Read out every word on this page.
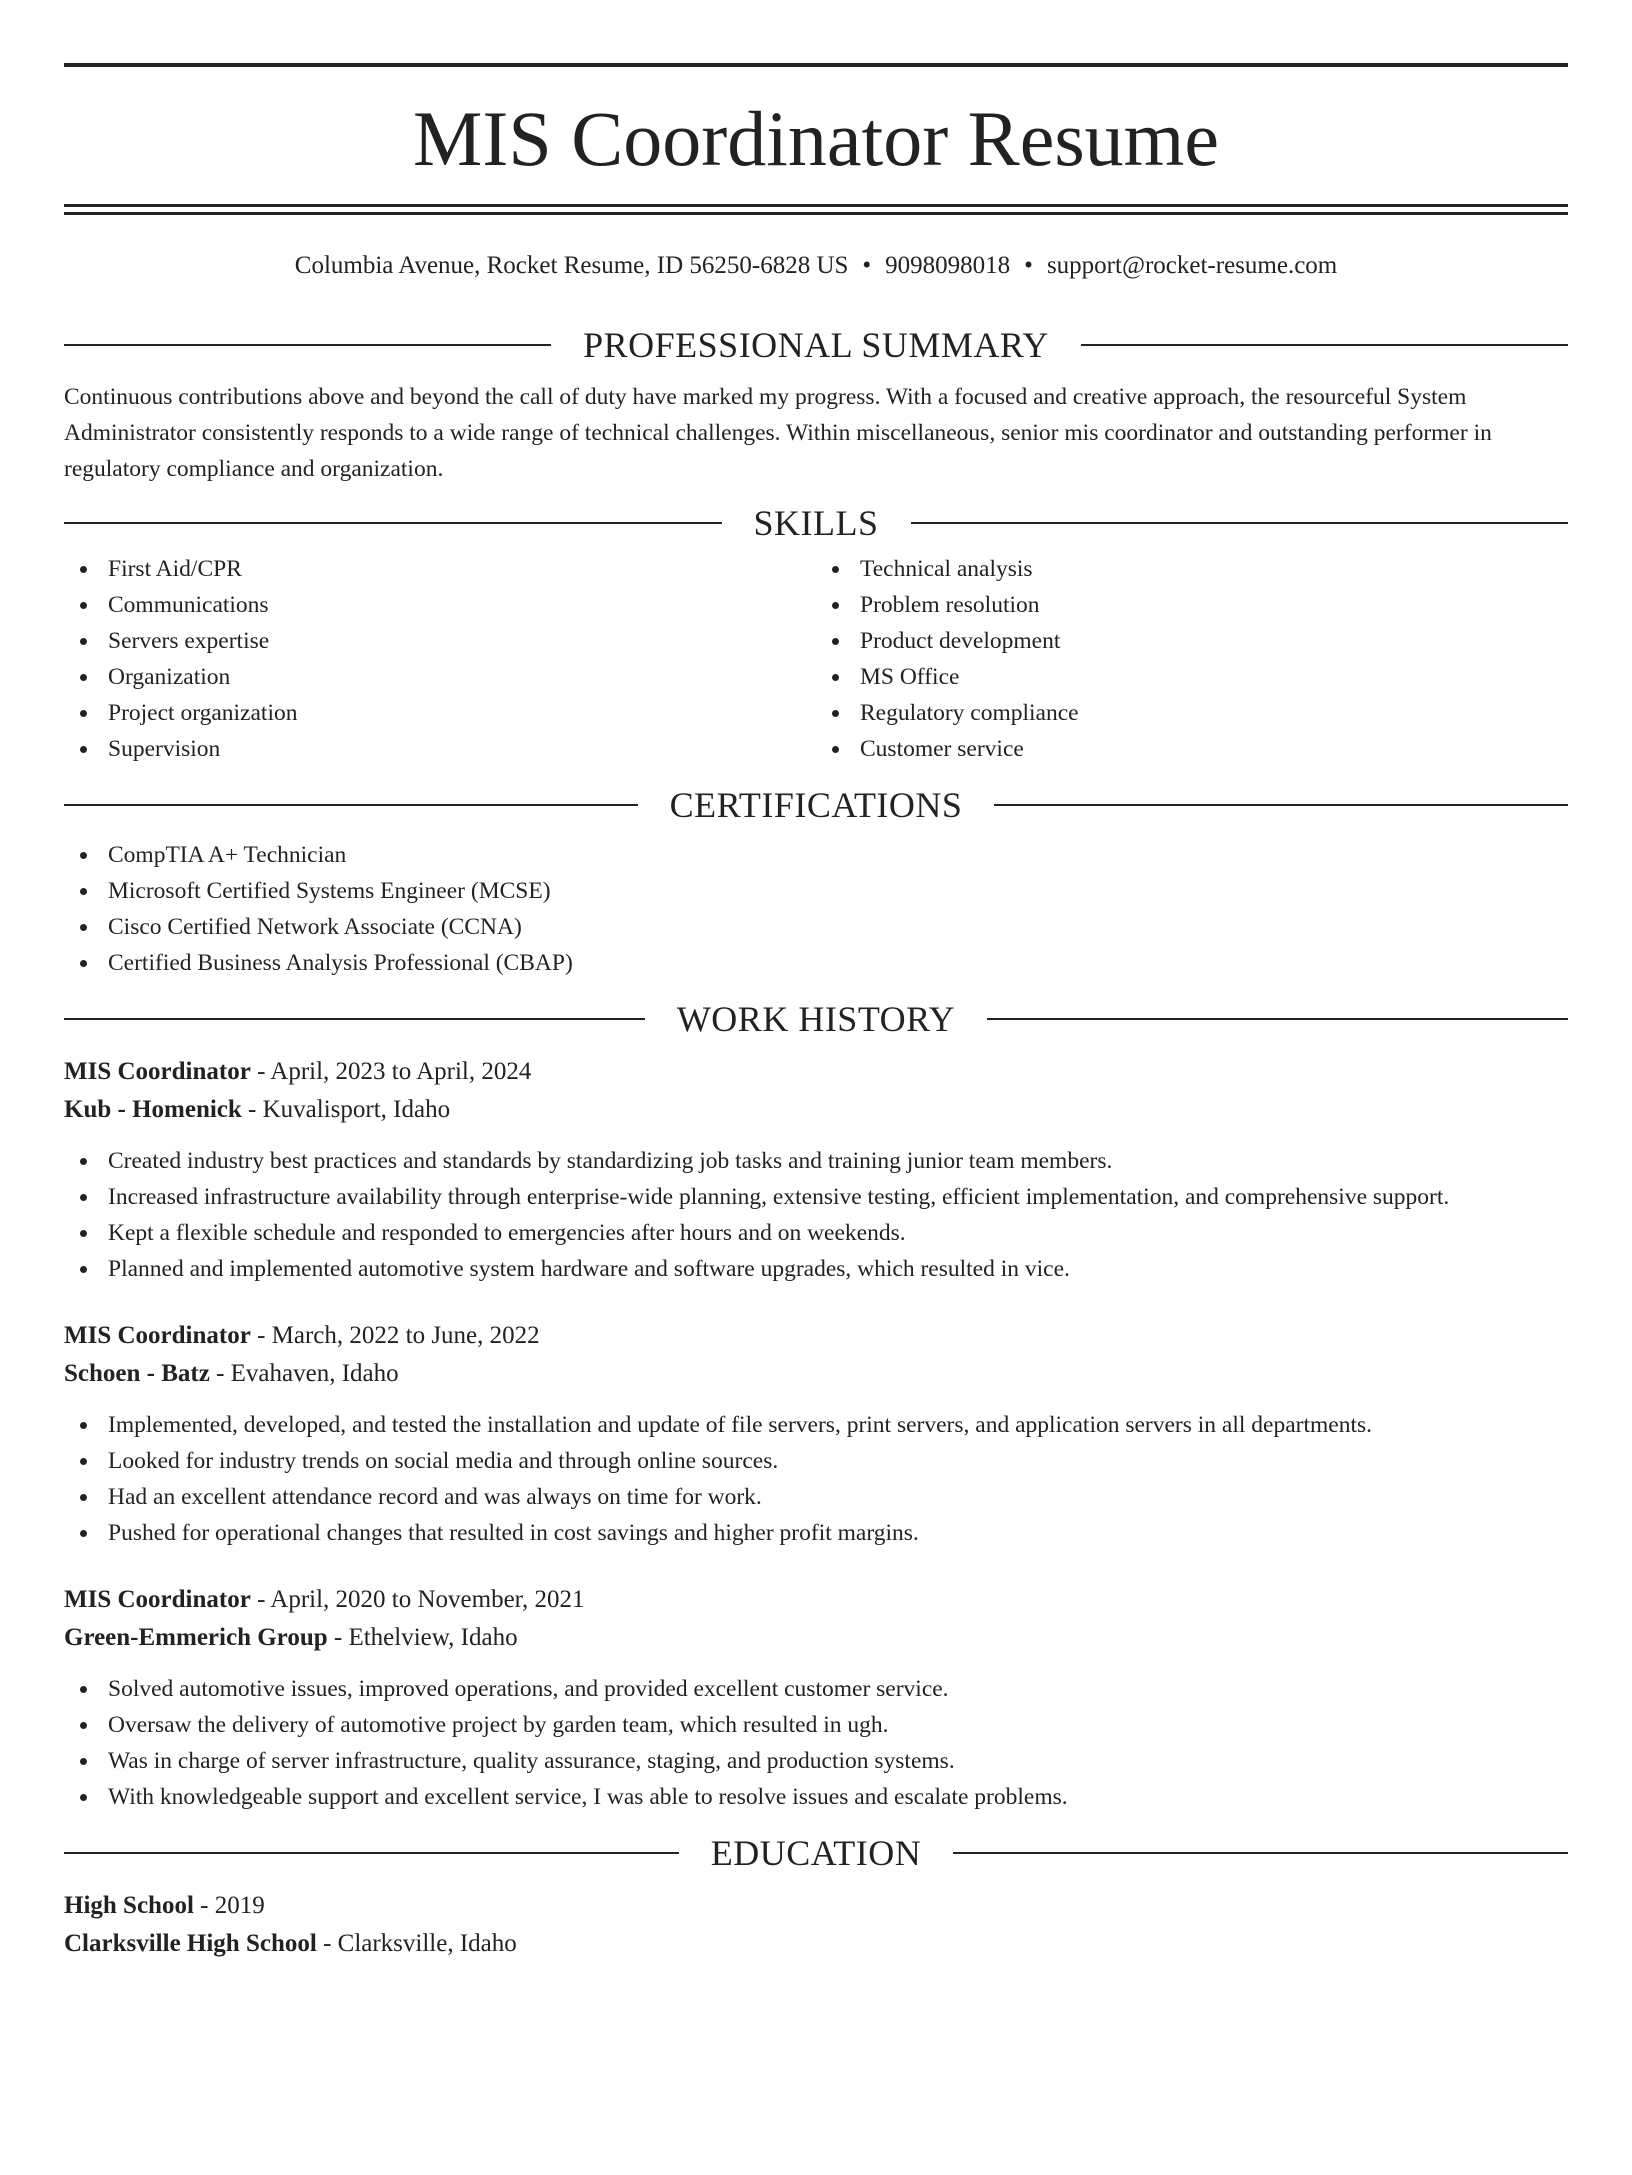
MIS Coordinator Resume
Columbia Avenue, Rocket Resume, ID 56250-6828 US • 9098098018 • support@rocket-resume.com
PROFESSIONAL SUMMARY

Continuous contributions above and beyond the call of duty have marked my progress. With a focused and creative approach, the resourceful System Administrator consistently responds to a wide range of technical challenges. Within miscellaneous, senior mis coordinator and outstanding performer in regulatory compliance and organization.

SKILLS
First Aid/CPR
Communications
Servers expertise
Organization
Project organization
Supervision
Technical analysis
Problem resolution
Product development
MS Office
Regulatory compliance
Customer service
CERTIFICATIONS
CompTIA A+ Technician
Microsoft Certified Systems Engineer (MCSE)
Cisco Certified Network Associate (CCNA)
Certified Business Analysis Professional (CBAP)
WORK HISTORY
MIS Coordinator - April, 2023 to April, 2024
Kub - Homenick - Kuvalisport, Idaho
Created industry best practices and standards by standardizing job tasks and training junior team members.
Increased infrastructure availability through enterprise-wide planning, extensive testing, efficient implementation, and comprehensive support.
Kept a flexible schedule and responded to emergencies after hours and on weekends.
Planned and implemented automotive system hardware and software upgrades, which resulted in vice.
MIS Coordinator - March, 2022 to June, 2022
Schoen - Batz - Evahaven, Idaho
Implemented, developed, and tested the installation and update of file servers, print servers, and application servers in all departments.
Looked for industry trends on social media and through online sources.
Had an excellent attendance record and was always on time for work.
Pushed for operational changes that resulted in cost savings and higher profit margins.
MIS Coordinator - April, 2020 to November, 2021
Green-Emmerich Group - Ethelview, Idaho
Solved automotive issues, improved operations, and provided excellent customer service.
Oversaw the delivery of automotive project by garden team, which resulted in ugh.
Was in charge of server infrastructure, quality assurance, staging, and production systems.
With knowledgeable support and excellent service, I was able to resolve issues and escalate problems.
EDUCATION
High School - 2019
Clarksville High School - Clarksville, Idaho
